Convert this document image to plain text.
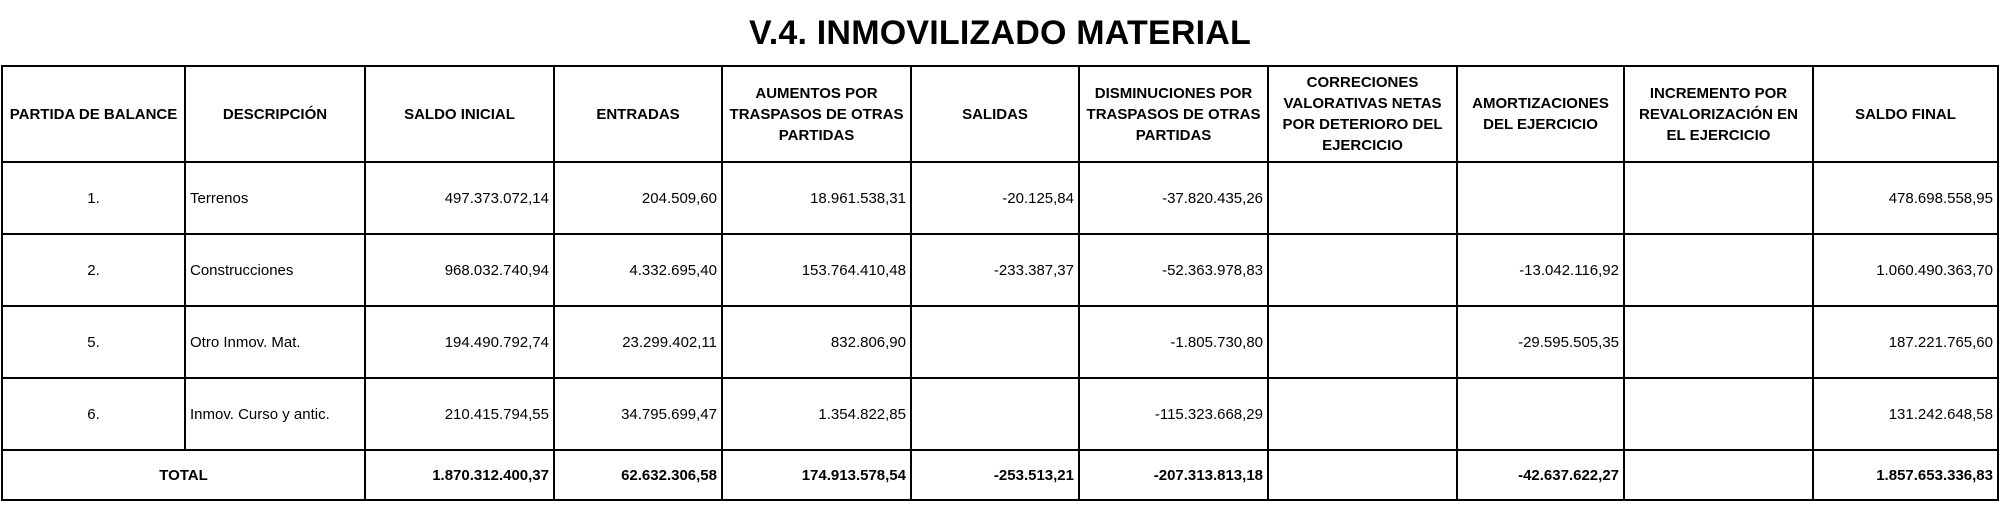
V.4. INMOVILIZADO MATERIAL
PARTIDA DE BALANCE	DESCRIPCIÓN	SALDO INICIAL	ENTRADAS	AUMENTOS POR TRASPASOS DE OTRAS PARTIDAS	SALIDAS	DISMINUCIONES POR TRASPASOS DE OTRAS PARTIDAS	CORRECIONES VALORATIVAS NETAS POR DETERIORO DEL EJERCICIO	AMORTIZACIONES DEL EJERCICIO	INCREMENTO POR REVALORIZACIÓN EN EL EJERCICIO	SALDO FINAL
1.	Terrenos	497.373.072,14	204.509,60	18.961.538,31	-20.125,84	-37.820.435,26				478.698.558,95
2.	Construcciones	968.032.740,94	4.332.695,40	153.764.410,48	-233.387,37	-52.363.978,83		-13.042.116,92		1.060.490.363,70
5.	Otro Inmov. Mat.	194.490.792,74	23.299.402,11	832.806,90		-1.805.730,80		-29.595.505,35		187.221.765,60
6.	Inmov. Curso y antic.	210.415.794,55	34.795.699,47	1.354.822,85		-115.323.668,29				131.242.648,58
TOTAL		1.870.312.400,37	62.632.306,58	174.913.578,54	-253.513,21	-207.313.813,18		-42.637.622,27		1.857.653.336,83
